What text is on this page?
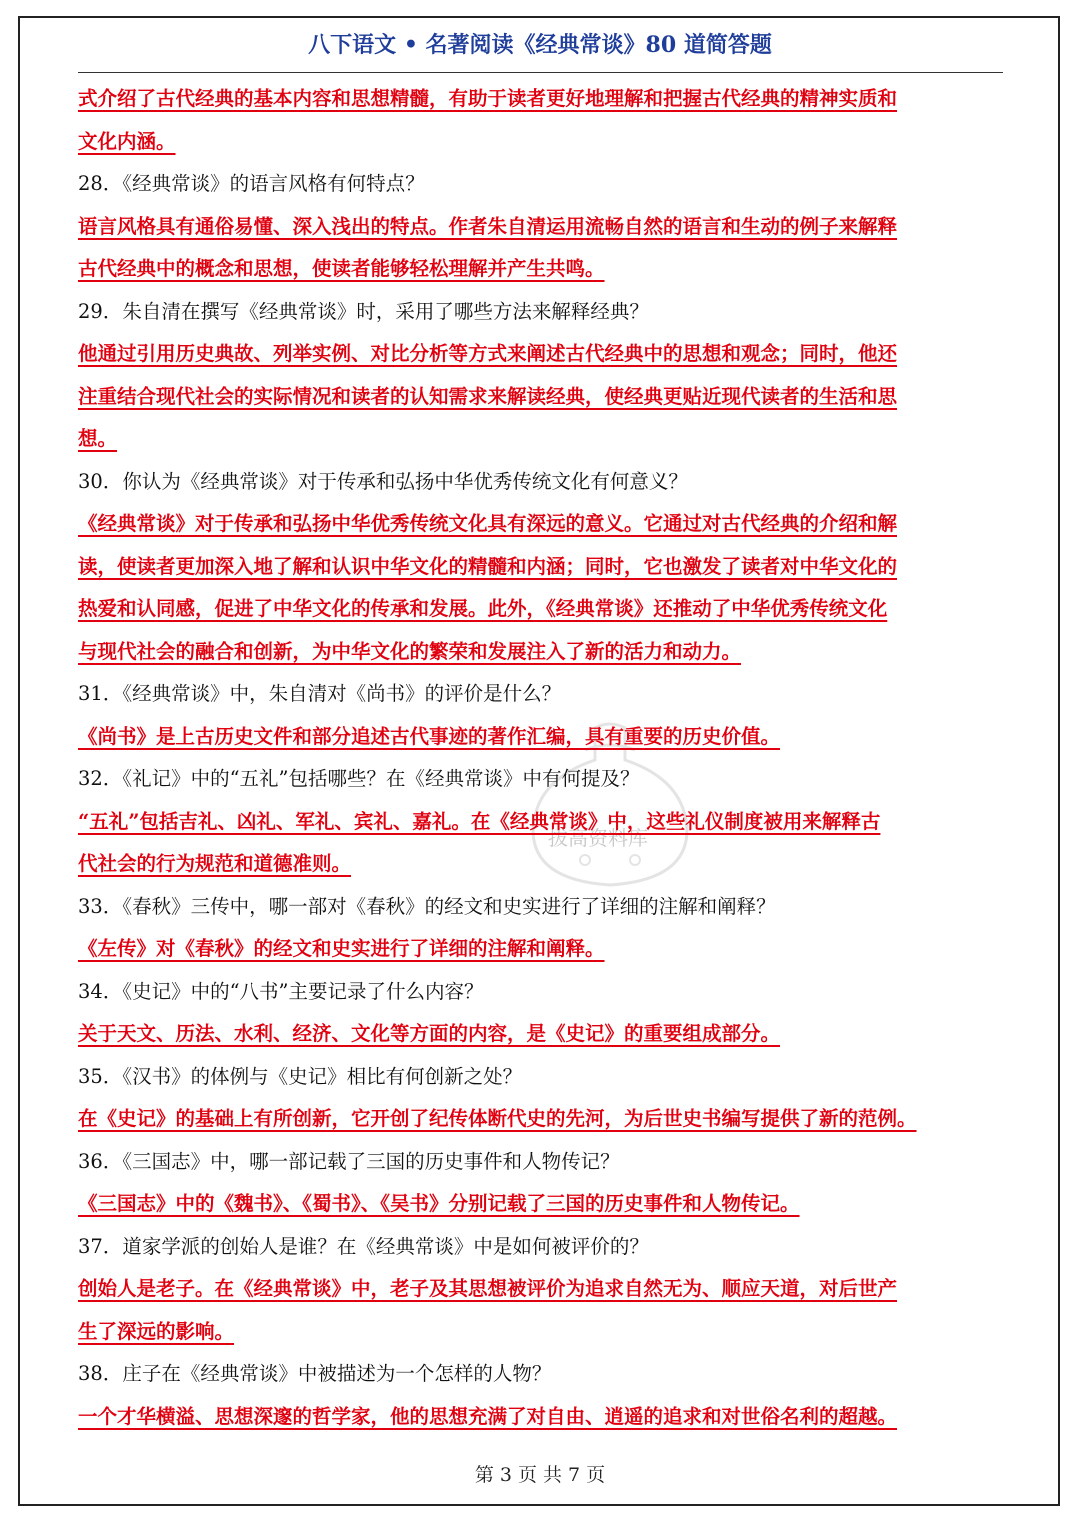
八下语文 • 名著阅读《经典常谈》80 道简答题
拔高资料库
式介绍了古代经典的基本内容和思想精髓，有助于读者更好地理解和把握古代经典的精神实质和
文化内涵。
28．《经典常谈》的语言风格有何特点？
语言风格具有通俗易懂、深入浅出的特点。作者朱自清运用流畅自然的语言和生动的例子来解释
古代经典中的概念和思想，使读者能够轻松理解并产生共鸣。
29．朱自清在撰写《经典常谈》时，采用了哪些方法来解释经典？
他通过引用历史典故、列举实例、对比分析等方式来阐述古代经典中的思想和观念；同时，他还
注重结合现代社会的实际情况和读者的认知需求来解读经典，使经典更贴近现代读者的生活和思
想。
30．你认为《经典常谈》对于传承和弘扬中华优秀传统文化有何意义？
《经典常谈》对于传承和弘扬中华优秀传统文化具有深远的意义。它通过对古代经典的介绍和解
读，使读者更加深入地了解和认识中华文化的精髓和内涵；同时，它也激发了读者对中华文化的
热爱和认同感，促进了中华文化的传承和发展。此外，《经典常谈》还推动了中华优秀传统文化
与现代社会的融合和创新，为中华文化的繁荣和发展注入了新的活力和动力。
31．《经典常谈》中，朱自清对《尚书》的评价是什么？
《尚书》是上古历史文件和部分追述古代事迹的著作汇编，具有重要的历史价值。
32．《礼记》中的“五礼”包括哪些？在《经典常谈》中有何提及？
“五礼”包括吉礼、凶礼、军礼、宾礼、嘉礼。在《经典常谈》中，这些礼仪制度被用来解释古
代社会的行为规范和道德准则。
33．《春秋》三传中，哪一部对《春秋》的经文和史实进行了详细的注解和阐释？
《左传》对《春秋》的经文和史实进行了详细的注解和阐释。
34．《史记》中的“八书”主要记录了什么内容？
关于天文、历法、水利、经济、文化等方面的内容，是《史记》的重要组成部分。
35．《汉书》的体例与《史记》相比有何创新之处？
在《史记》的基础上有所创新，它开创了纪传体断代史的先河，为后世史书编写提供了新的范例。
36．《三国志》中，哪一部记载了三国的历史事件和人物传记？
《三国志》中的《魏书》、《蜀书》、《吴书》分别记载了三国的历史事件和人物传记。
37．道家学派的创始人是谁？在《经典常谈》中是如何被评价的？
创始人是老子。在《经典常谈》中，老子及其思想被评价为追求自然无为、顺应天道，对后世产
生了深远的影响。
38．庄子在《经典常谈》中被描述为一个怎样的人物？
一个才华横溢、思想深邃的哲学家，他的思想充满了对自由、逍遥的追求和对世俗名利的超越。
第 3 页 共 7 页
